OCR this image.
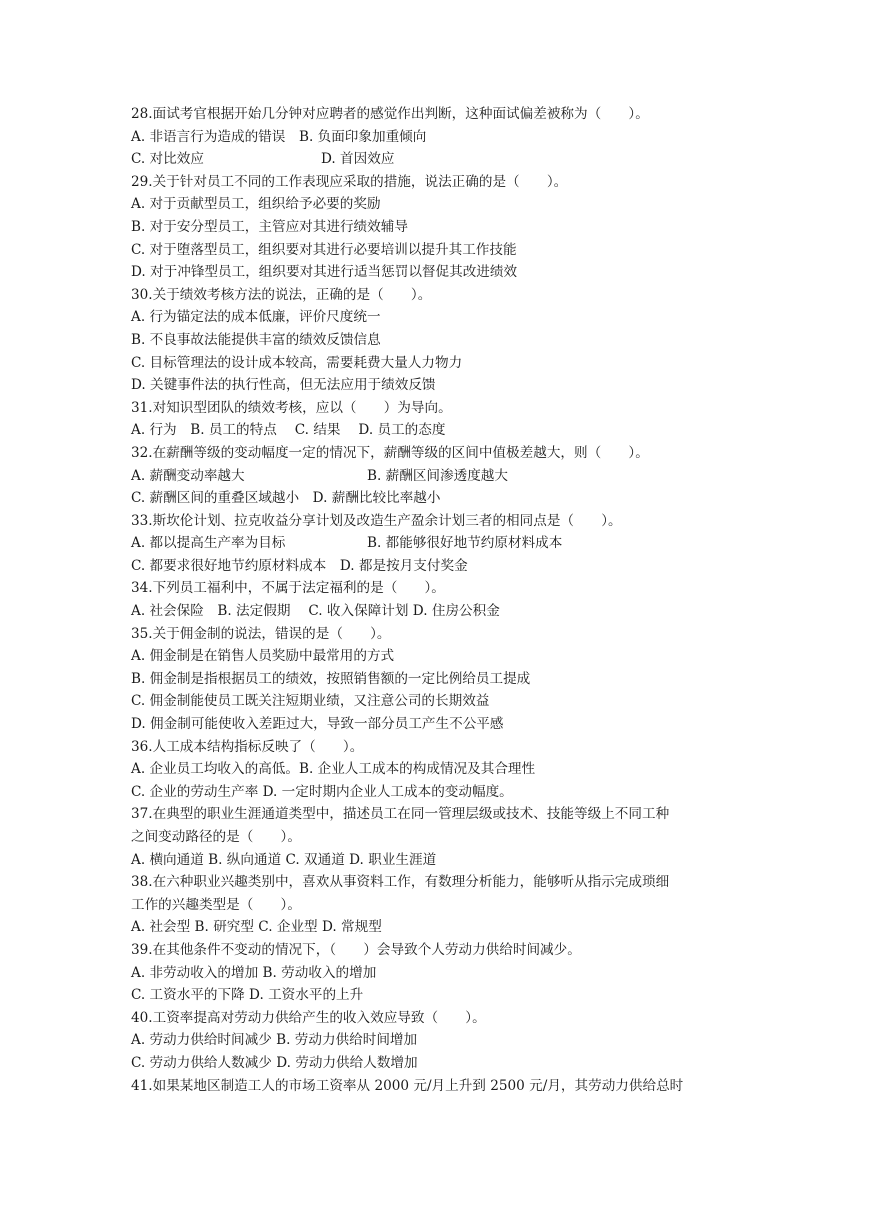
28.面试考官根据开始几分钟对应聘者的感觉作出判断，这种面试偏差被称为（　　）。
A. 非语言行为造成的错误　B. 负面印象加重倾向
C. 对比效应	D. 首因效应
29.关于针对员工不同的工作表现应采取的措施，说法正确的是（　　）。
A. 对于贡献型员工，组织给予必要的奖励
B. 对于安分型员工，主管应对其进行绩效辅导
C. 对于堕落型员工，组织要对其进行必要培训以提升其工作技能
D. 对于冲锋型员工，组织要对其进行适当惩罚以督促其改进绩效
30.关于绩效考核方法的说法，正确的是（　　）。
A. 行为锚定法的成本低廉，评价尺度统一
B. 不良事故法能提供丰富的绩效反馈信息
C. 目标管理法的设计成本较高，需要耗费大量人力物力
D. 关键事件法的执行性高，但无法应用于绩效反馈
31.对知识型团队的绩效考核，应以（　　）为导向。
A. 行为　B. 员工的特点　 C. 结果　 D. 员工的态度
32.在薪酬等级的变动幅度一定的情况下，薪酬等级的区间中值极差越大，则（　　）。
A. 薪酬变动率越大	B. 薪酬区间渗透度越大
C. 薪酬区间的重叠区域越小　D. 薪酬比较比率越小
33.斯坎伦计划、拉克收益分享计划及改造生产盈余计划三者的相同点是（　　）。
A. 都以提高生产率为目标	B. 都能够很好地节约原材料成本
C. 都要求很好地节约原材料成本　D. 都是按月支付奖金
34.下列员工福利中，不属于法定福利的是（　　）。
A. 社会保险　B. 法定假期　 C. 收入保障计划 D. 住房公积金
35.关于佣金制的说法，错误的是（　　）。
A. 佣金制是在销售人员奖励中最常用的方式
B. 佣金制是指根据员工的绩效，按照销售额的一定比例给员工提成
C. 佣金制能使员工既关注短期业绩，又注意公司的长期效益
D. 佣金制可能使收入差距过大，导致一部分员工产生不公平感
36.人工成本结构指标反映了（　　）。
A. 企业员工均收入的高低。B. 企业人工成本的构成情况及其合理性
C. 企业的劳动生产率 D. 一定时期内企业人工成本的变动幅度。
37.在典型的职业生涯通道类型中，描述员工在同一管理层级或技术、技能等级上不同工种
之间变动路径的是（　　）。
A. 横向通道 B. 纵向通道 C. 双通道 D. 职业生涯道
38.在六种职业兴趣类别中，喜欢从事资料工作，有数理分析能力，能够听从指示完成琐细
工作的兴趣类型是（　　）。
A. 社会型 B. 研究型 C. 企业型 D. 常规型
39.在其他条件不变动的情况下，（　　）会导致个人劳动力供给时间减少。
A. 非劳动收入的增加 B. 劳动收入的增加
C. 工资水平的下降 D. 工资水平的上升
40.工资率提高对劳动力供给产生的收入效应导致（　　）。
A. 劳动力供给时间减少 B. 劳动力供给时间增加
C. 劳动力供给人数减少 D. 劳动力供给人数增加
41.如果某地区制造工人的市场工资率从 2000 元/月上升到 2500 元/月，其劳动力供给总时
